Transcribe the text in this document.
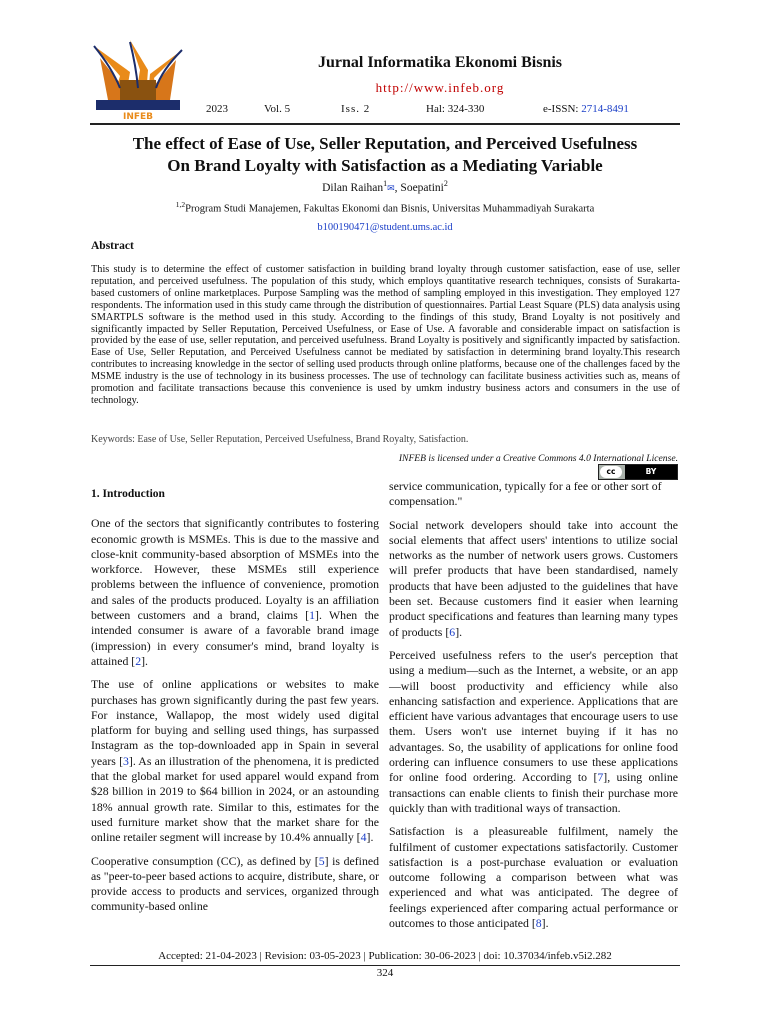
INFEB
Jurnal Informatika Ekonomi Bisnis
http://www.infeb.org
2023	Vol. 5	Iss. 2	Hal: 324-330	e-ISSN: 2714-8491
The effect of Ease of Use, Seller Reputation, and Perceived Usefulness
On Brand Loyalty with Satisfaction as a Mediating Variable
Dilan Raihan$^1$✉, Soepatini$^2$
$^{1,2}$Program Studi Manajemen, Fakultas Ekonomi dan Bisnis, Universitas Muhammadiyah Surakarta
b100190471@student.ums.ac.id
Abstract
This study is to determine the effect of customer satisfaction in building brand loyalty through customer satisfaction, ease of use, seller reputation, and perceived usefulness. The population of this study, which employs quantitative research techniques, consists of Surakarta-based customers of online marketplaces. Purpose Sampling was the method of sampling employed in this investigation. They employed 127 respondents. The information used in this study came through the distribution of questionnaires. Partial Least Square (PLS) data analysis using SMARTPLS software is the method used in this study. According to the findings of this study, Brand Loyalty is not positively and significantly impacted by Seller Reputation, Perceived Usefulness, or Ease of Use. A favorable and considerable impact on satisfaction is provided by the ease of use, seller reputation, and perceived usefulness. Brand Loyalty is positively and significantly impacted by satisfaction. Ease of Use, Seller Reputation, and Perceived Usefulness cannot be mediated by satisfaction in determining brand loyalty.This research contributes to increasing knowledge in the sector of selling used products through online platforms, because one of the challenges faced by the MSME industry is the use of technology in its business processes. The use of technology can facilitate business activities such as, means of promotion and facilitate transactions because this convenience is used by umkm industry business actors and consumers in the use of technology.
Keywords: Ease of Use, Seller Reputation, Perceived Usefulness, Brand Royalty, Satisfaction.
INFEB is licensed under a Creative Commons 4.0 International License.
cc	BY
1. Introduction

One of the sectors that significantly contributes to fostering economic growth is MSMEs. This is due to the massive and close-knit community-based absorption of MSMEs into the workforce. However, these MSMEs still experience problems between the influence of convenience, promotion and sales of the products produced. Loyalty is an affiliation between customers and a brand, claims [1]. When the intended consumer is aware of a favorable brand image (impression) in every consumer's mind, brand loyalty is attained [2].

The use of online applications or websites to make purchases has grown significantly during the past few years. For instance, Wallapop, the most widely used digital platform for buying and selling used things, has surpassed Instagram as the top-downloaded app in Spain in several years [3]. As an illustration of the phenomena, it is predicted that the global market for used apparel would expand from $28 billion in 2019 to $64 billion in 2024, or an astounding 18% annual growth rate. Similar to this, estimates for the used furniture market show that the market share for the online retailer segment will increase by 10.4% annually [4].

Cooperative consumption (CC), as defined by [5] is defined as "peer-to-peer based actions to acquire, distribute, share, or provide access to products and services, organized through community-based online

service communication, typically for a fee or other sort of compensation."

Social network developers should take into account the social elements that affect users' intentions to utilize social networks as the number of network users grows. Customers will prefer products that have been standardised, namely products that have been adjusted to the guidelines that have been set. Because customers find it easier when learning product specifications and features than learning many types of products [6].

Perceived usefulness refers to the user's perception that using a medium—such as the Internet, a website, or an app—will boost productivity and efficiency while also enhancing satisfaction and experience. Applications that are efficient have various advantages that encourage users to use them. Users won't use internet buying if it has no advantages. So, the usability of applications for online food ordering can influence consumers to use these applications for online food ordering. According to [7], using online transactions can enable clients to finish their purchase more quickly than with traditional ways of transaction.

Satisfaction is a pleasureable fulfilment, namely the fulfilment of customer expectations satisfactorily. Customer satisfaction is a post-purchase evaluation or evaluation outcome following a comparison between what was experienced and what was anticipated. The degree of feelings experienced after comparing actual performance or outcomes to those anticipated [8].

Accepted: 21-04-2023 | Revision: 03-05-2023 | Publication: 30-06-2023 | doi: 10.37034/infeb.v5i2.282
324
